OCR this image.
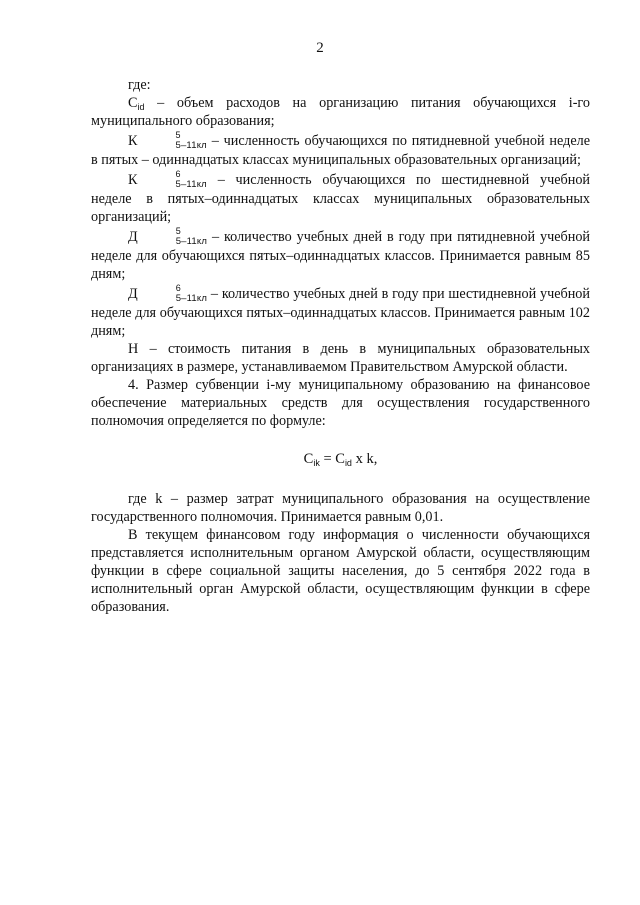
2

где:

$C_{id}$ – объем расходов на организацию питания обучающихся i-го муниципального образования;

К	5
5–11кл – численность обучающихся по пятидневной учебной неделе в пятых – одиннадцатых классах муниципальных образовательных организаций;

К	6
5–11кл – численность обучающихся по шестидневной учебной неделе в пятых–одиннадцатых классах муниципальных образовательных организаций;

Д	5
5–11кл – количество учебных дней в году при пятидневной учебной неделе для обучающихся пятых–одиннадцатых классов. Принимается равным 85 дням;

Д	6
5–11кл – количество учебных дней в году при шестидневной учебной неделе для обучающихся пятых–одиннадцатых классов. Принимается равным 102 дням;

Н – стоимость питания в день в муниципальных образовательных организациях в размере, устанавливаемом Правительством Амурской области.

4. Размер субвенции i-му муниципальному образованию на финансовое обеспечение материальных средств для осуществления государственного полномочия определяется по формуле:

$C_{ik} = C_{id}$ x k,

где k – размер затрат муниципального образования на осуществление государственного полномочия. Принимается равным 0,01.

В текущем финансовом году информация о численности обучающихся представляется исполнительным органом Амурской области, осуществляющим функции в сфере социальной защиты населения, до 5 сентября 2022 года в исполнительный орган Амурской области, осуществляющим функции в сфере образования.
